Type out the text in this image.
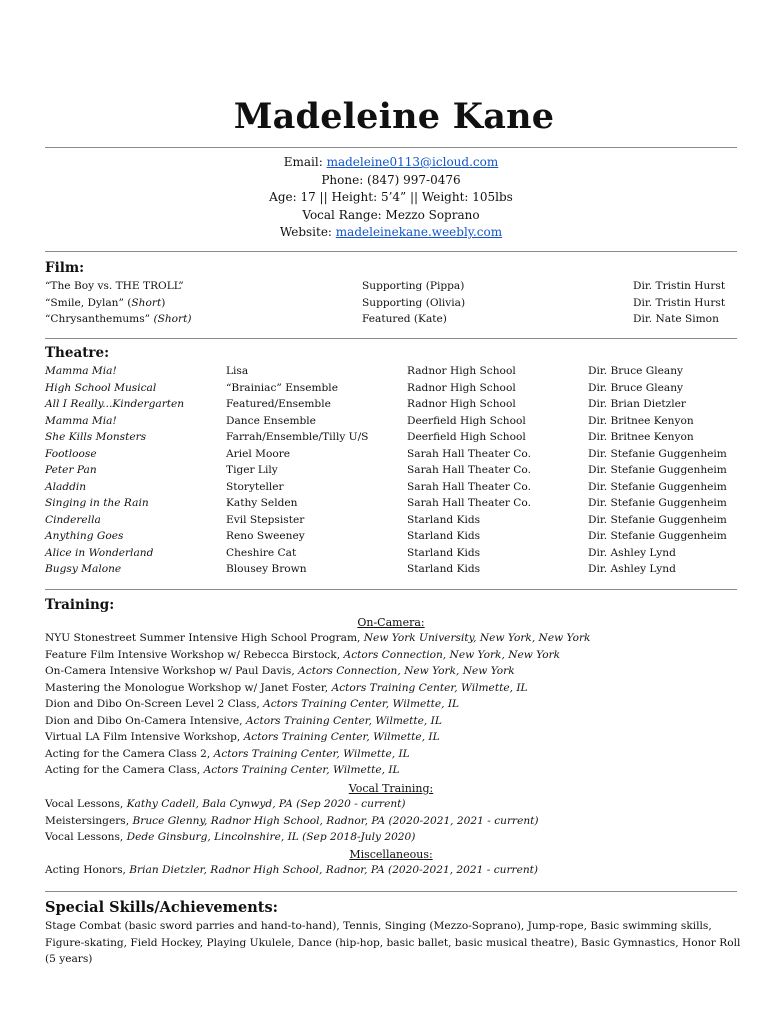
Madeleine Kane
Email: madeleine0113@icloud.com
Phone: (847) 997-0476
Age: 17 || Height: 5’4” || Weight: 105lbs
Vocal Range: Mezzo Soprano
Website: madeleinekane.weebly.com
Film:
“The Boy vs. THE TROLL”	Supporting (Pippa)	Dir. Tristin Hurst
“Smile, Dylan” (Short)	Supporting (Olivia)	Dir. Tristin Hurst
“Chrysanthemums” (Short)	Featured (Kate)	Dir. Nate Simon
Theatre:
Mamma Mia!	Lisa	Radnor High School	Dir. Bruce Gleany
High School Musical	“Brainiac” Ensemble	Radnor High School	Dir. Bruce Gleany
All I Really...Kindergarten	Featured/Ensemble	Radnor High School	Dir. Brian Dietzler
Mamma Mia!	Dance Ensemble	Deerfield High School	Dir. Britnee Kenyon
She Kills Monsters	Farrah/Ensemble/Tilly U/S	Deerfield High School	Dir. Britnee Kenyon
Footloose	Ariel Moore	Sarah Hall Theater Co.	Dir. Stefanie Guggenheim
Peter Pan	Tiger Lily	Sarah Hall Theater Co.	Dir. Stefanie Guggenheim
Aladdin	Storyteller	Sarah Hall Theater Co.	Dir. Stefanie Guggenheim
Singing in the Rain	Kathy Selden	Sarah Hall Theater Co.	Dir. Stefanie Guggenheim
Cinderella	Evil Stepsister	Starland Kids	Dir. Stefanie Guggenheim
Anything Goes	Reno Sweeney	Starland Kids	Dir. Stefanie Guggenheim
Alice in Wonderland	Cheshire Cat	Starland Kids	Dir. Ashley Lynd
Bugsy Malone	Blousey Brown	Starland Kids	Dir. Ashley Lynd
Training:
On-Camera:
NYU Stonestreet Summer Intensive High School Program, New York University, New York, New York
Feature Film Intensive Workshop w/ Rebecca Birstock, Actors Connection, New York, New York
On-Camera Intensive Workshop w/ Paul Davis, Actors Connection, New York, New York
Mastering the Monologue Workshop w/ Janet Foster, Actors Training Center, Wilmette, IL
Dion and Dibo On-Screen Level 2 Class, Actors Training Center, Wilmette, IL
Dion and Dibo On-Camera Intensive, Actors Training Center, Wilmette, IL
Virtual LA Film Intensive Workshop, Actors Training Center, Wilmette, IL
Acting for the Camera Class 2, Actors Training Center, Wilmette, IL
Acting for the Camera Class, Actors Training Center, Wilmette, IL
Vocal Training:
Vocal Lessons, Kathy Cadell, Bala Cynwyd, PA (Sep 2020 - current)
Meistersingers, Bruce Glenny, Radnor High School, Radnor, PA (2020-2021, 2021 - current)
Vocal Lessons, Dede Ginsburg, Lincolnshire, IL (Sep 2018-July 2020)
Miscellaneous:
Acting Honors, Brian Dietzler, Radnor High School, Radnor, PA (2020-2021, 2021 - current)
Special Skills/Achievements:
Stage Combat (basic sword parries and hand-to-hand), Tennis, Singing (Mezzo-Soprano), Jump-rope, Basic swimming skills,
Figure-skating, Field Hockey, Playing Ukulele, Dance (hip-hop, basic ballet, basic musical theatre), Basic Gymnastics, Honor Roll (5 years)
